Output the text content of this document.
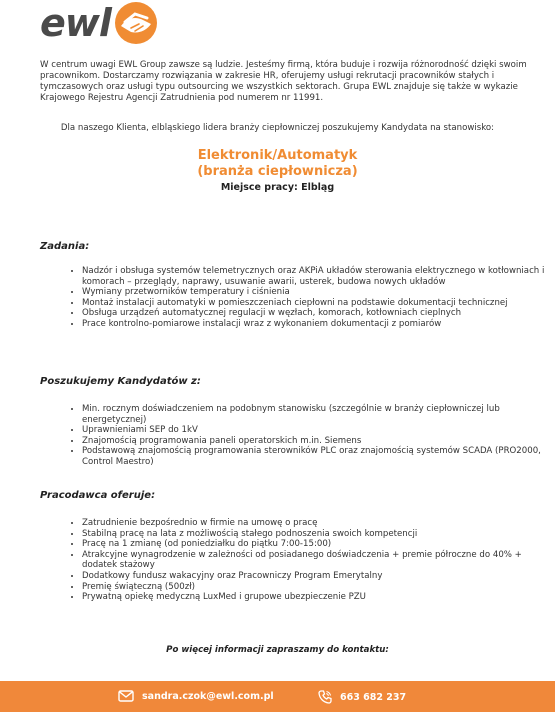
ewl
W centrum uwagi EWL Group zawsze są ludzie. Jesteśmy firmą, która buduje i rozwija różnorodność dzięki swoim pracownikom. Dostarczamy rozwiązania w zakresie HR, oferujemy usługi rekrutacji pracowników stałych i tymczasowych oraz usługi typu outsourcing we wszystkich sektorach. Grupa EWL znajduje się także w wykazie Krajowego Rejestru Agencji Zatrudnienia pod numerem nr 11991.
Dla naszego Klienta, elbląskiego lidera branży ciepłowniczej poszukujemy Kandydata na stanowisko:
Elektronik/Automatyk
(branża ciepłownicza)
Miejsce pracy: Elbląg
Zadania:
• Nadzór i obsługa systemów telemetrycznych oraz AKPiA układów sterowania elektrycznego w kotłowniach i komorach – przeglądy, naprawy, usuwanie awarii, usterek, budowa nowych układów
• Wymiany przetworników temperatury i ciśnienia
• Montaż instalacji automatyki w pomieszczeniach ciepłowni na podstawie dokumentacji technicznej
• Obsługa urządzeń automatycznej regulacji w węzłach, komorach, kotłowniach cieplnych
• Prace kontrolno-pomiarowe instalacji wraz z wykonaniem dokumentacji z pomiarów
Poszukujemy Kandydatów z:
• Min. rocznym doświadczeniem na podobnym stanowisku (szczególnie w branży ciepłowniczej lub energetycznej)
• Uprawnieniami SEP do 1kV
• Znajomością programowania paneli operatorskich m.in. Siemens
• Podstawową znajomością programowania sterowników PLC oraz znajomością systemów SCADA (PRO2000, Control Maestro)
Pracodawca oferuje:
• Zatrudnienie bezpośrednio w firmie na umowę o pracę
• Stabilną pracę na lata z możliwością stałego podnoszenia swoich kompetencji
• Pracę na 1 zmianę (od poniedziałku do piątku 7:00-15:00)
• Atrakcyjne wynagrodzenie w zależności od posiadanego doświadczenia + premie półroczne do 40% + dodatek stażowy
• Dodatkowy fundusz wakacyjny oraz Pracowniczy Program Emerytalny
• Premię świąteczną (500zł)
• Prywatną opiekę medyczną LuxMed i grupowe ubezpieczenie PZU
Po więcej informacji zapraszamy do kontaktu:
sandra.czok@ewl.com.pl	663 682 237
